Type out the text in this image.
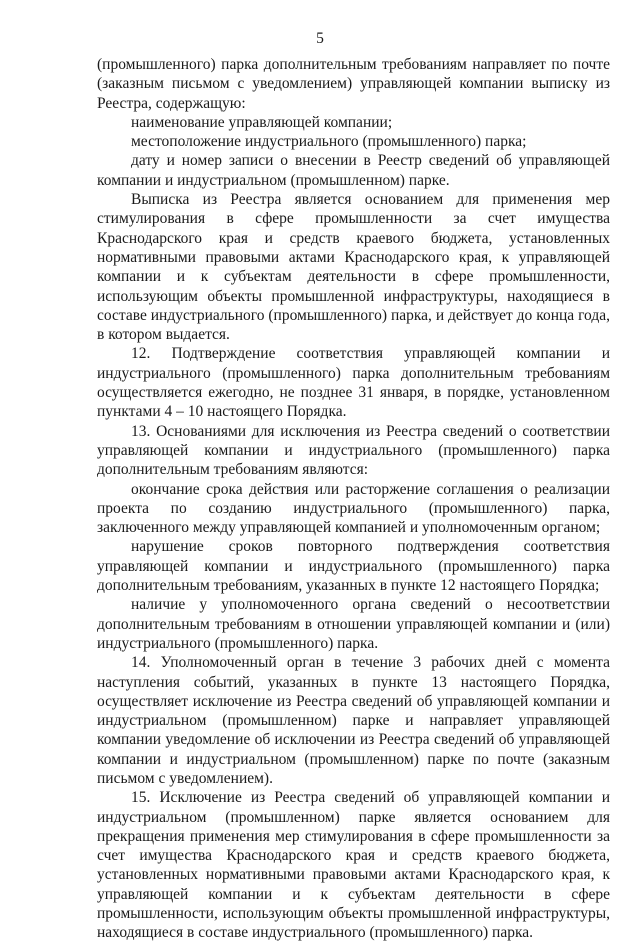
5

(промышленного) парка дополнительным требованиям направляет по почте (заказным письмом с уведомлением) управляющей компании выписку из Реестра, содержащую:

наименование управляющей компании;

местоположение индустриального (промышленного) парка;

дату и номер записи о внесении в Реестр сведений об управляющей компании и индустриальном (промышленном) парке.

Выписка из Реестра является основанием для применения мер стимулирования в сфере промышленности за счет имущества Краснодарского края и средств краевого бюджета, установленных нормативными правовыми актами Краснодарского края, к управляющей компании и к субъектам деятельности в сфере промышленности, использующим объекты промышленной инфраструктуры, находящиеся в составе индустриального (промышленного) парка, и действует до конца года, в котором выдается.

12. Подтверждение соответствия управляющей компании и индустриального (промышленного) парка дополнительным требованиям осуществляется ежегодно, не позднее 31 января, в порядке, установленном пунктами 4 – 10 настоящего Порядка.

13. Основаниями для исключения из Реестра сведений о соответствии управляющей компании и индустриального (промышленного) парка дополнительным требованиям являются:

окончание срока действия или расторжение соглашения о реализации проекта по созданию индустриального (промышленного) парка, заключенного между управляющей компанией и уполномоченным органом;

нарушение сроков повторного подтверждения соответствия управляющей компании и индустриального (промышленного) парка дополнительным требованиям, указанных в пункте 12 настоящего Порядка;

наличие у уполномоченного органа сведений о несоответствии дополнительным требованиям в отношении управляющей компании и (или) индустриального (промышленного) парка.

14. Уполномоченный орган в течение 3 рабочих дней с момента наступления событий, указанных в пункте 13 настоящего Порядка, осуществляет исключение из Реестра сведений об управляющей компании и индустриальном (промышленном) парке и направляет управляющей компании уведомление об исключении из Реестра сведений об управляющей компании и индустриальном (промышленном) парке по почте (заказным письмом с уведомлением).

15. Исключение из Реестра сведений об управляющей компании и индустриальном (промышленном) парке является основанием для прекращения применения мер стимулирования в сфере промышленности за счет имущества Краснодарского края и средств краевого бюджета, установленных нормативными правовыми актами Краснодарского края, к управляющей компании и к субъектам деятельности в сфере промышленности, использующим объекты промышленной инфраструктуры, находящиеся в составе индустриального (промышленного) парка.
